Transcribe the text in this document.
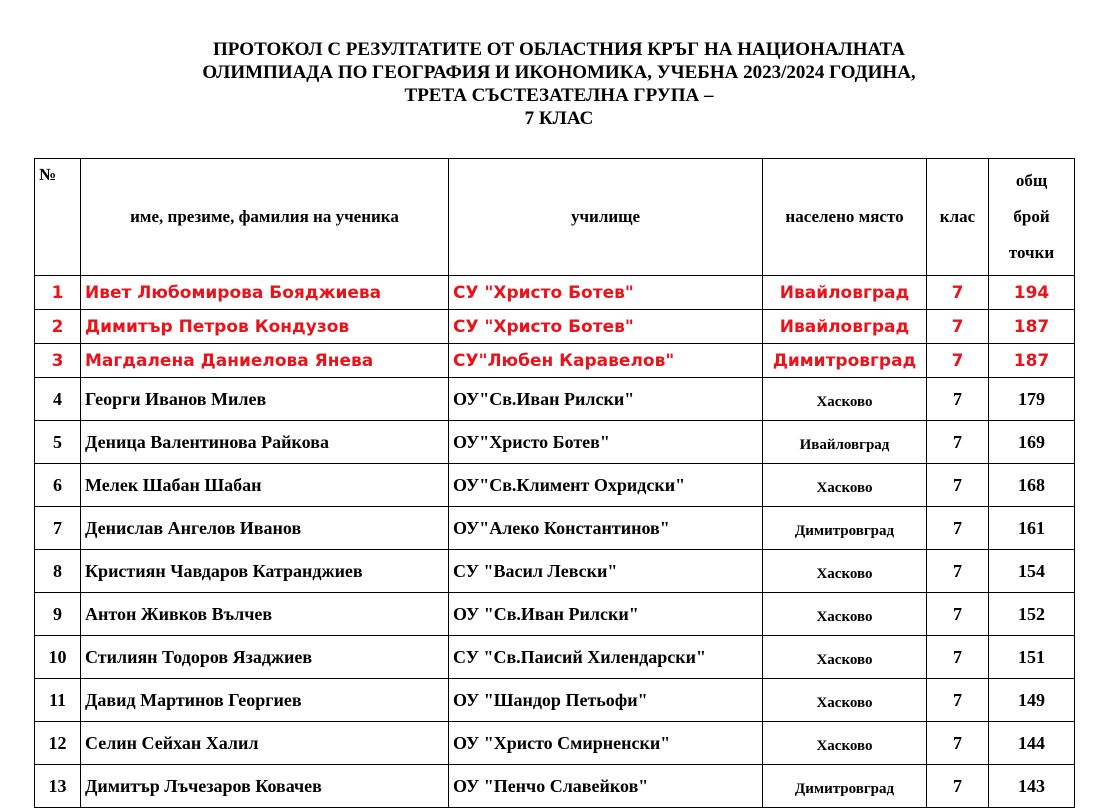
ПРОТОКОЛ С РЕЗУЛТАТИТЕ ОТ ОБЛАСТНИЯ КРЪГ НА НАЦИОНАЛНАТА
ОЛИМПИАДА ПО ГЕОГРАФИЯ И ИКОНОМИКА, УЧЕБНА 2023/2024 ГОДИНА,
ТРЕТА СЪСТЕЗАТЕЛНА ГРУПА –
7 КЛАС
№	име, презиме, фамилия на ученика	училище	населено място	клас	общ
брой
точки

1	Ивет Любомирова Бояджиева	СУ "Христо Ботев"	Ивайловград	7	194
2	Димитър Петров Кондузов	СУ "Христо Ботев"	Ивайловград	7	187
3	Магдалена Даниелова Янева	СУ"Любен Каравелов"	Димитровград	7	187
4	Георги Иванов Милев	ОУ"Св.Иван Рилски"	Хасково	7	179
5	Деница Валентинова Райкова	ОУ"Христо Ботев"	Ивайловград	7	169
6	Мелек Шабан Шабан	ОУ"Св.Климент Охридски"	Хасково	7	168
7	Денислав Ангелов Иванов	ОУ"Алеко Константинов"	Димитровград	7	161
8	Кристиян Чавдаров Катранджиев	СУ "Васил Левски"	Хасково	7	154
9	Антон Живков Вълчев	ОУ "Св.Иван Рилски"	Хасково	7	152
10	Стилиян Тодоров Язаджиев	СУ "Св.Паисий Хилендарски"	Хасково	7	151
11	Давид Мартинов Георгиев	ОУ "Шандор Петьофи"	Хасково	7	149
12	Селин Сейхан Халил	ОУ "Христо Смирненски"	Хасково	7	144
13	Димитър Лъчезаров Ковачев	ОУ "Пенчо Славейков"	Димитровград	7	143
